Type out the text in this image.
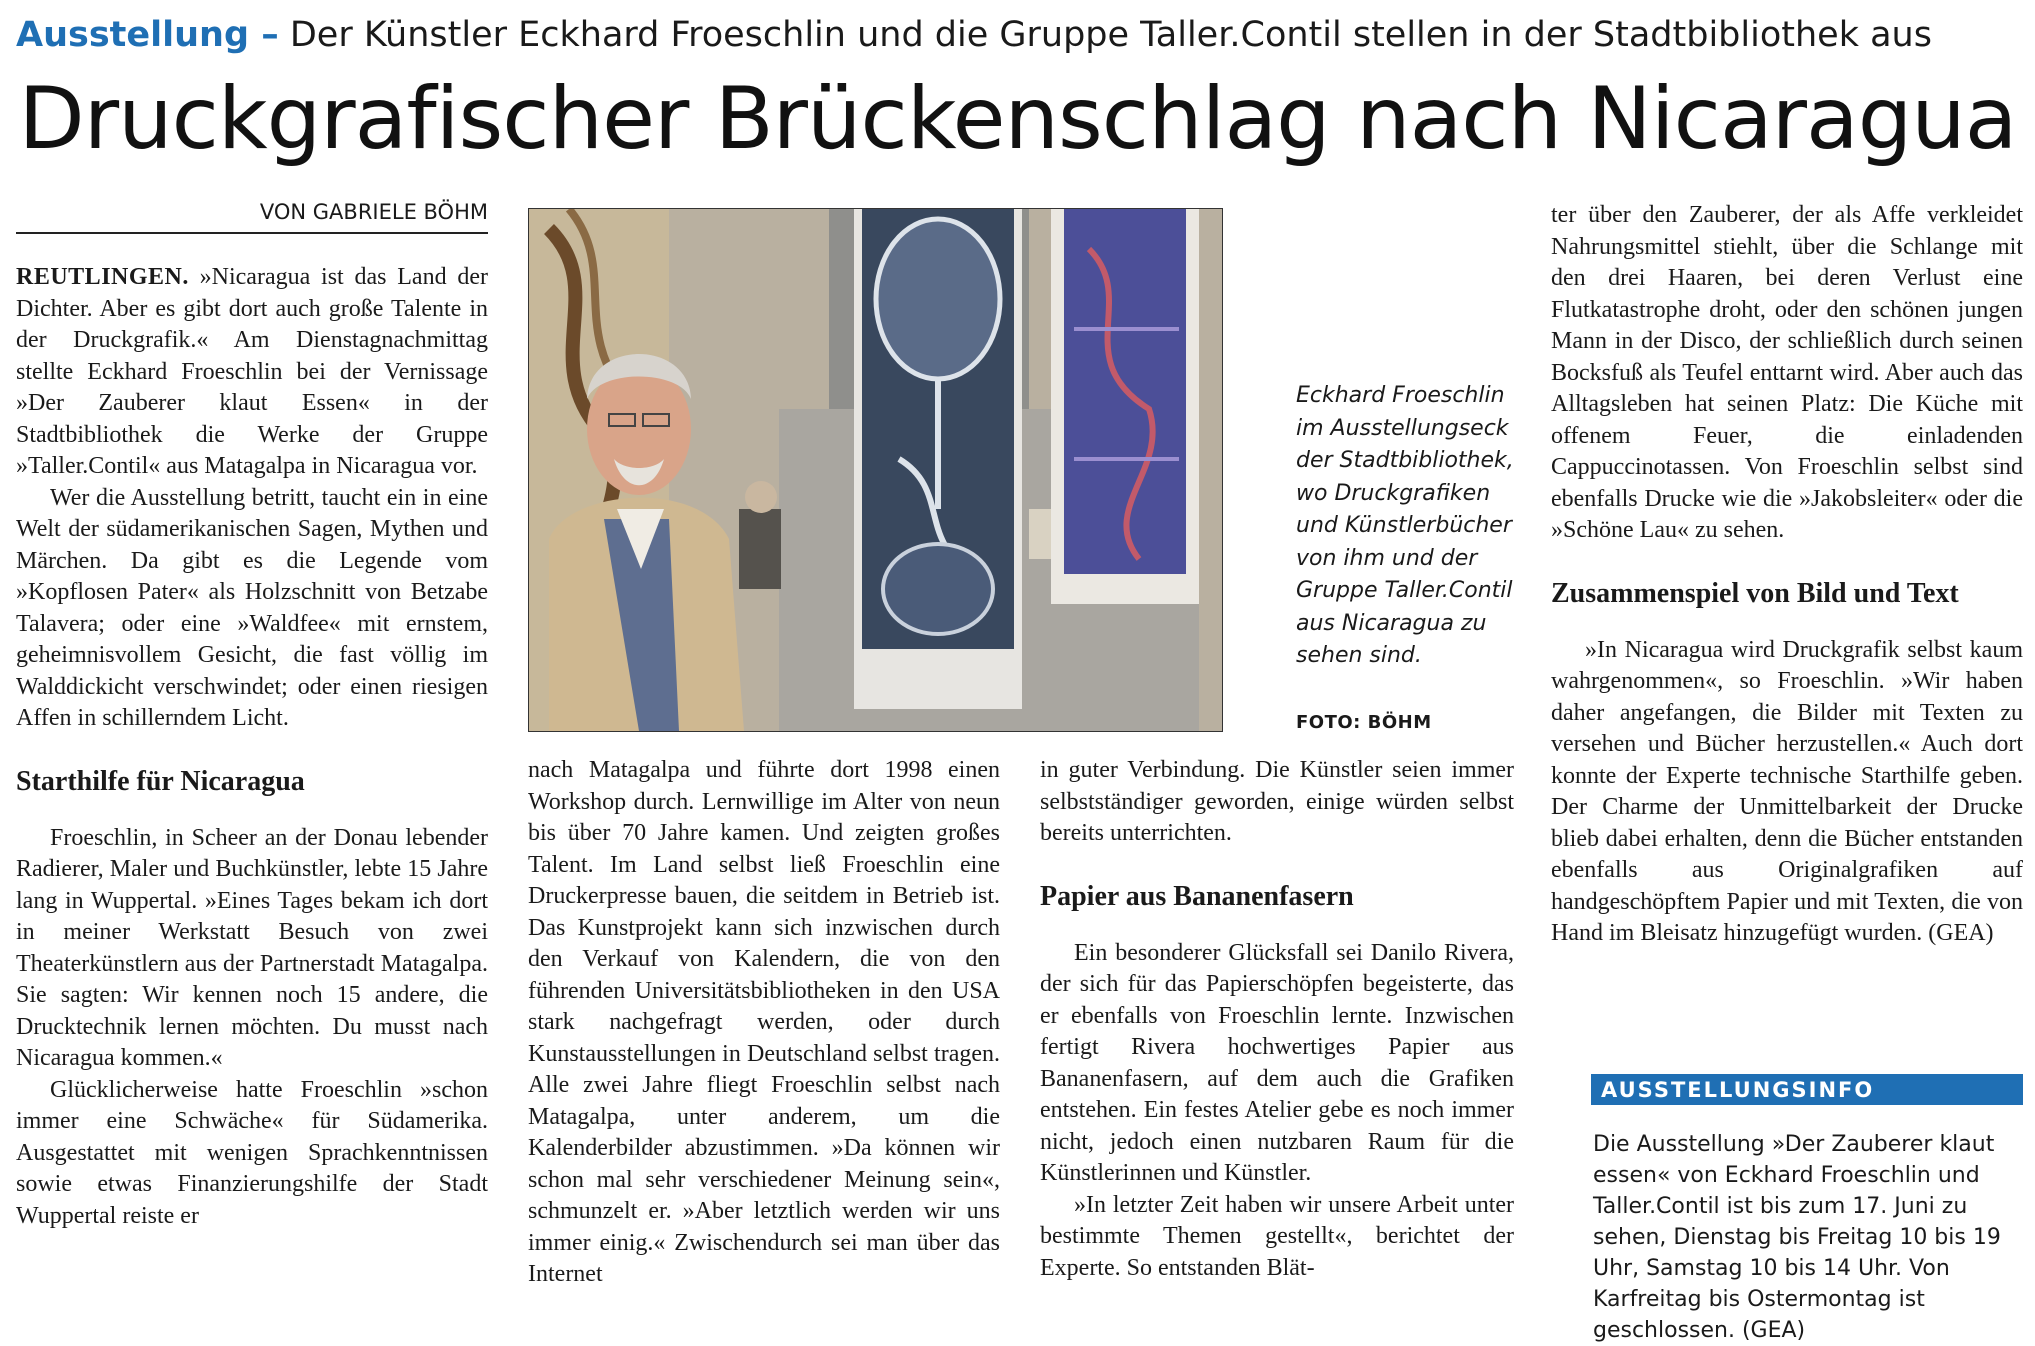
Ausstellung – Der Künstler Eckhard Froeschlin und die Gruppe Taller.Contil stellen in der Stadtbibliothek aus
Druckgrafischer Brückenschlag nach Nicaragua
VON GABRIELE BÖHM

REUTLINGEN. »Nicaragua ist das Land der Dichter. Aber es gibt dort auch große Talente in der Druckgrafik.« Am Dienstagnachmittag stellte Eckhard Froeschlin bei der Vernissage »Der Zauberer klaut Essen« in der Stadtbibliothek die Werke der Gruppe »Taller.Contil« aus Matagalpa in Nicaragua vor.

Wer die Ausstellung betritt, taucht ein in eine Welt der südamerikanischen Sagen, Mythen und Märchen. Da gibt es die Legende vom »Kopflosen Pater« als Holzschnitt von Betzabe Talavera; oder eine »Waldfee« mit ernstem, geheimnisvollem Gesicht, die fast völlig im Walddickicht verschwindet; oder einen riesigen Affen in schillerndem Licht.

Starthilfe für Nicaragua

Froeschlin, in Scheer an der Donau lebender Radierer, Maler und Buchkünstler, lebte 15 Jahre lang in Wuppertal. »Eines Tages bekam ich dort in meiner Werkstatt Besuch von zwei Theaterkünstlern aus der Partnerstadt Matagalpa. Sie sagten: Wir kennen noch 15 andere, die Drucktechnik lernen möchten. Du musst nach Nicaragua kommen.«

Glücklicherweise hatte Froeschlin »schon immer eine Schwäche« für Südamerika. Ausgestattet mit wenigen Sprachkenntnissen sowie etwas Finanzierungshilfe der Stadt Wuppertal reiste er

Eckhard Froeschlin im Ausstellungseck der Stadtbibliothek, wo Druckgrafiken und Künstlerbücher von ihm und der Gruppe Taller.Contil aus Nicaragua zu sehen sind.
FOTO: BÖHM

nach Matagalpa und führte dort 1998 einen Workshop durch. Lernwillige im Alter von neun bis über 70 Jahre kamen. Und zeigten großes Talent. Im Land selbst ließ Froeschlin eine Druckerpresse bauen, die seitdem in Betrieb ist. Das Kunstprojekt kann sich inzwischen durch den Verkauf von Kalendern, die von den führenden Universitätsbibliotheken in den USA stark nachgefragt werden, oder durch Kunstausstellungen in Deutschland selbst tragen. Alle zwei Jahre fliegt Froeschlin selbst nach Matagalpa, unter anderem, um die Kalenderbilder abzustimmen. »Da können wir schon mal sehr verschiedener Meinung sein«, schmunzelt er. »Aber letztlich werden wir uns immer einig.« Zwischendurch sei man über das Internet

in guter Verbindung. Die Künstler seien immer selbstständiger geworden, einige würden selbst bereits unterrichten.

Papier aus Bananenfasern

Ein besonderer Glücksfall sei Danilo Rivera, der sich für das Papierschöpfen begeisterte, das er ebenfalls von Froeschlin lernte. Inzwischen fertigt Rivera hochwertiges Papier aus Bananenfasern, auf dem auch die Grafiken entstehen. Ein festes Atelier gebe es noch immer nicht, jedoch einen nutzbaren Raum für die Künstlerinnen und Künstler.

»In letzter Zeit haben wir unsere Arbeit unter bestimmte Themen gestellt«, berichtet der Experte. So entstanden Blät-

ter über den Zauberer, der als Affe verkleidet Nahrungsmittel stiehlt, über die Schlange mit den drei Haaren, bei deren Verlust eine Flutkatastrophe droht, oder den schönen jungen Mann in der Disco, der schließlich durch seinen Bocksfuß als Teufel enttarnt wird. Aber auch das Alltagsleben hat seinen Platz: Die Küche mit offenem Feuer, die einladenden Cappuccinotassen. Von Froeschlin selbst sind ebenfalls Drucke wie die »Jakobsleiter« oder die »Schöne Lau« zu sehen.

Zusammenspiel von Bild und Text

»In Nicaragua wird Druckgrafik selbst kaum wahrgenommen«, so Froeschlin. »Wir haben daher angefangen, die Bilder mit Texten zu versehen und Bücher herzustellen.« Auch dort konnte der Experte technische Starthilfe geben. Der Charme der Unmittelbarkeit der Drucke blieb dabei erhalten, denn die Bücher entstanden ebenfalls aus Originalgrafiken auf handgeschöpftem Papier und mit Texten, die von Hand im Bleisatz hinzugefügt wurden. (GEA)

AUSSTELLUNGSINFO
Die Ausstellung »Der Zauberer klaut essen« von Eckhard Froeschlin und Taller.Contil ist bis zum 17. Juni zu sehen, Dienstag bis Freitag 10 bis 19 Uhr, Samstag 10 bis 14 Uhr. Von Karfreitag bis Ostermontag ist geschlossen. (GEA)
